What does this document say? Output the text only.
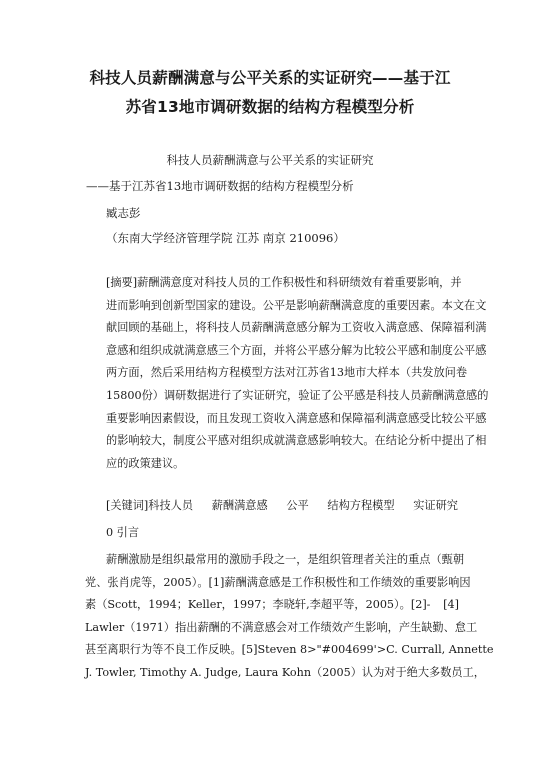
科技人员薪酬满意与公平关系的实证研究——基于江
苏省13地市调研数据的结构方程模型分析
科技人员薪酬满意与公平关系的实证研究
——基于江苏省13地市调研数据的结构方程模型分析
臧志彭
（东南大学经济管理学院 江苏 南京 210096）
[摘要]薪酬满意度对科技人员的工作积极性和科研绩效有着重要影响，并
进而影响到创新型国家的建设。公平是影响薪酬满意度的重要因素。本文在文
献回顾的基础上，将科技人员薪酬满意感分解为工资收入满意感、保障福利满
意感和组织成就满意感三个方面，并将公平感分解为比较公平感和制度公平感
两方面，然后采用结构方程模型方法对江苏省13地市大样本（共发放问卷
15800份）调研数据进行了实证研究，验证了公平感是科技人员薪酬满意感的
重要影响因素假设，而且发现工资收入满意感和保障福利满意感受比较公平感
的影响较大，制度公平感对组织成就满意感影响较大。在结论分析中提出了相
应的政策建议。
[关键词]科技人员 薪酬满意感 公平 结构方程模型 实证研究
0 引言
薪酬激励是组织最常用的激励手段之一，是组织管理者关注的重点（甄朝
党、张肖虎等，2005）。[1]薪酬满意感是工作积极性和工作绩效的重要影响因
素（Scott，1994；Keller，1997；李晓轩,李超平等，2005）。[2]- [4]
Lawler（1971）指出薪酬的不满意感会对工作绩效产生影响，产生缺勤、怠工
甚至离职行为等不良工作反映。[5]Steven 8>"#004699'>C. Currall, Annette
J. Towler, Timothy A. Judge, Laura Kohn（2005）认为对于绝大多数员工，
